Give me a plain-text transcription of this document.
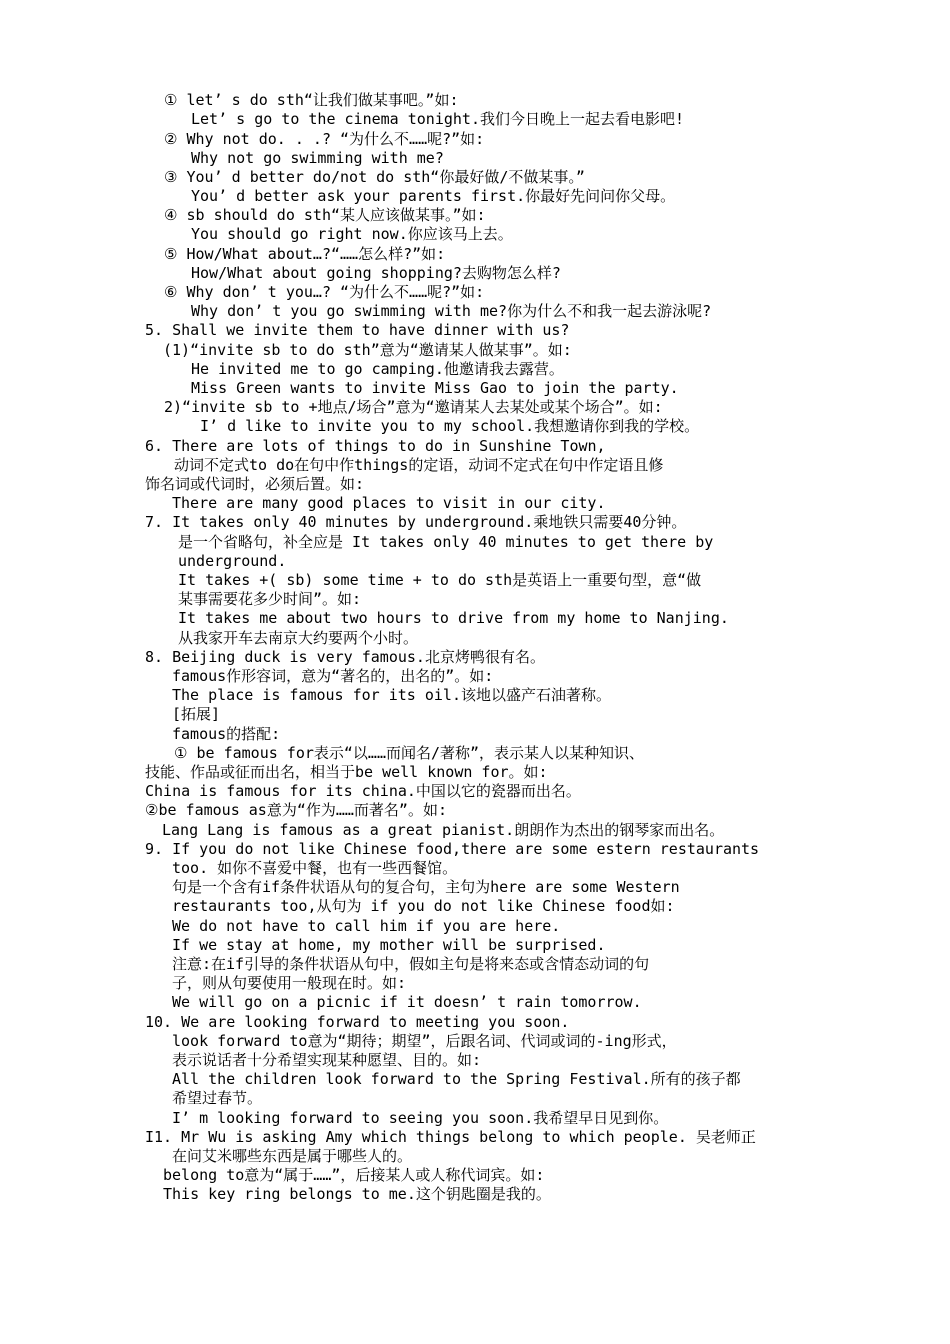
① let’ s do sth“让我们做某事吧。”如:
Let’ s go to the cinema tonight.我们今日晚上一起去看电影吧!
② Why not do. . .? “为什么不……呢?”如:
Why not go swimming with me?
③ You’ d better do/not do sth“你最好做/不做某事。”
You’ d better ask your parents first.你最好先问问你父母。
④ sb should do sth“某人应该做某事。”如:
You should go right now.你应该马上去。
⑤ How/What about…?“……怎么样?”如:
How/What about going shopping?去购物怎么样?
⑥ Why don’ t you…? “为什么不……呢?”如:
Why don’ t you go swimming with me?你为什么不和我一起去游泳呢?
5. Shall we invite them to have dinner with us?
(1)“invite sb to do sth”意为“邀请某人做某事”。如:
He invited me to go camping.他邀请我去露营。
Miss Green wants to invite Miss Gao to join the party.
2)“invite sb to +地点/场合”意为“邀请某人去某处或某个场合”。如:
I’ d like to invite you to my school.我想邀请你到我的学校。
6. There are lots of things to do in Sunshine Town,
动词不定式to do在句中作things的定语，动词不定式在句中作定语且修
饰名词或代词时，必须后置。如:
There are many good places to visit in our city.
7. It takes only 40 minutes by underground.乘地铁只需要40分钟。
是一个省略句，补全应是 It takes only 40 minutes to get there by
underground.
It takes +( sb) some time + to do sth是英语上一重要句型，意“做
某事需要花多少时间”。如:
It takes me about two hours to drive from my home to Nanjing.
从我家开车去南京大约要两个小时。
8. Beijing duck is very famous.北京烤鸭很有名。
famous作形容词，意为“著名的，出名的”。如:
The place is famous for its oil.该地以盛产石油著称。
[拓展]
famous的搭配:
① be famous for表示“以……而闻名/著称”，表示某人以某种知识、
技能、作品或征而出名，相当于be well known for。如:
China is famous for its china.中国以它的瓷器而出名。
②be famous as意为“作为……而著名”。如:
Lang Lang is famous as a great pianist.朗朗作为杰出的钢琴家而出名。
9. If you do not like Chinese food,there are some estern restaurants
too. 如你不喜爱中餐，也有一些西餐馆。
句是一个含有if条件状语从句的复合句，主句为here are some Western
restaurants too,从句为 if you do not like Chinese food如:
We do not have to call him if you are here.
If we stay at home, my mother will be surprised.
注意:在if引导的条件状语从句中，假如主句是将来态或含情态动词的句
子，则从句要使用一般现在时。如:
We will go on a picnic if it doesn’ t rain tomorrow.
10. We are looking forward to meeting you soon.
look forward to意为“期待；期望”，后跟名词、代词或词的-ing形式，
表示说话者十分希望实现某种愿望、目的。如:
All the children look forward to the Spring Festival.所有的孩子都
希望过春节。
I’ m looking forward to seeing you soon.我希望早日见到你。
I1. Mr Wu is asking Amy which things belong to which people. 吴老师正
在问艾米哪些东西是属于哪些人的。
belong to意为“属于……”，后接某人或人称代词宾。如:
This key ring belongs to me.这个钥匙圈是我的。
